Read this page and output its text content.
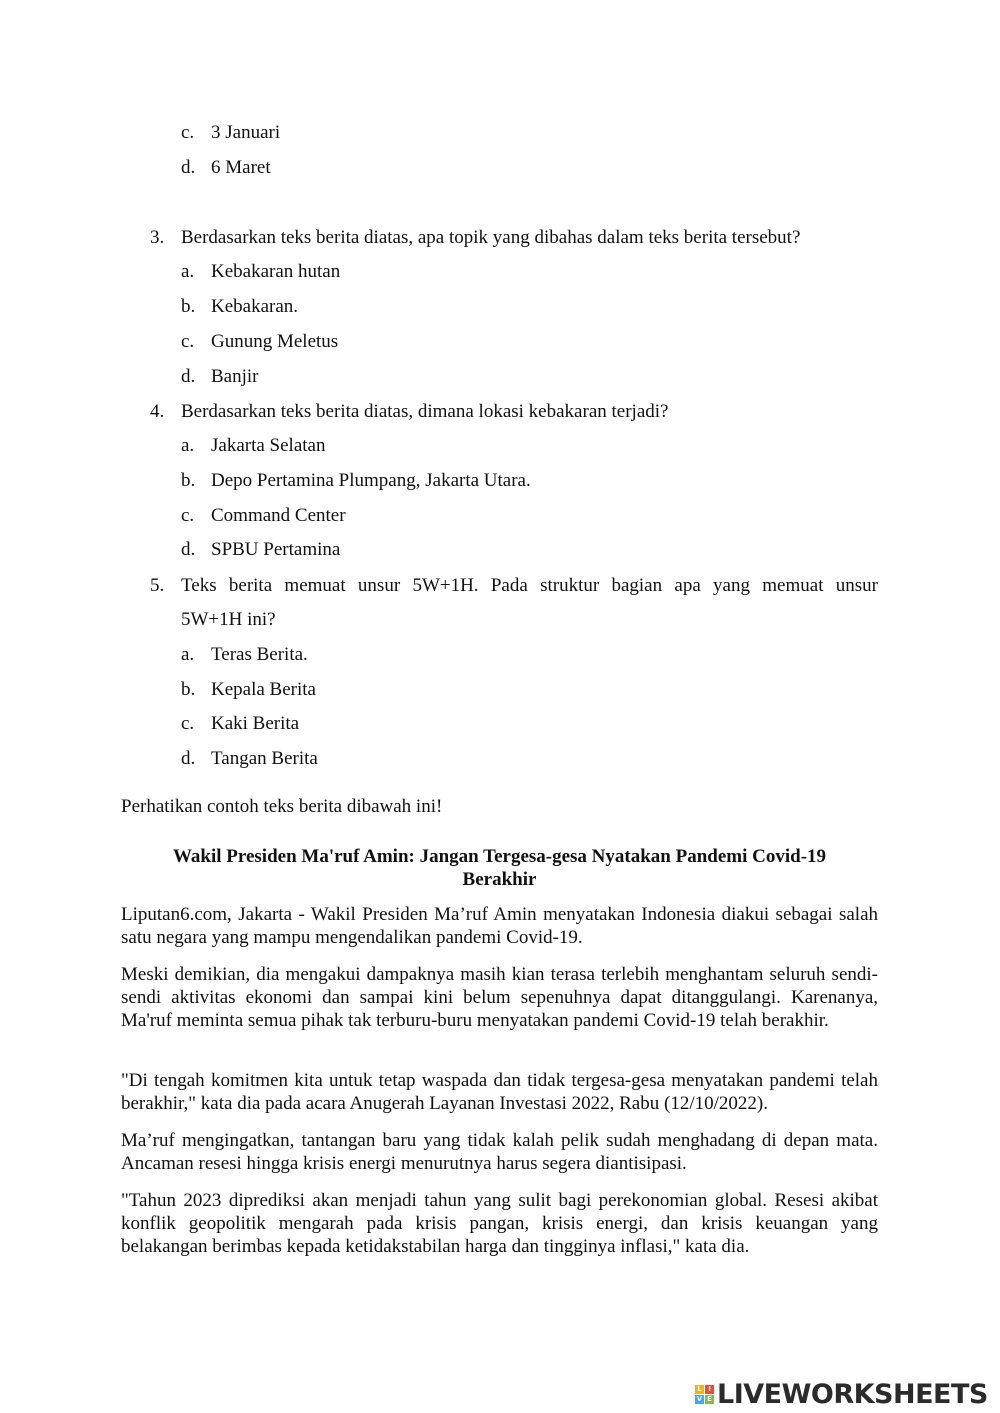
c. 3 Januari
d. 6 Maret
3. Berdasarkan teks berita diatas, apa topik yang dibahas dalam teks berita tersebut?
a. Kebakaran hutan
b. Kebakaran.
c. Gunung Meletus
d. Banjir
4. Berdasarkan teks berita diatas, dimana lokasi kebakaran terjadi?
a. Jakarta Selatan
b. Depo Pertamina Plumpang, Jakarta Utara.
c. Command Center
d. SPBU Pertamina
5. Teks berita memuat unsur 5W+1H. Pada struktur bagian apa yang memuat unsur
5W+1H ini?
a. Teras Berita.
b. Kepala Berita
c. Kaki Berita
d. Tangan Berita
Perhatikan contoh teks berita dibawah ini!
Wakil Presiden Ma'ruf Amin: Jangan Tergesa-gesa Nyatakan Pandemi Covid-19
Berakhir
Liputan6.com, Jakarta - Wakil Presiden Ma’ruf Amin menyatakan Indonesia diakui sebagai salah satu negara yang mampu mengendalikan pandemi Covid-19.
Meski demikian, dia mengakui dampaknya masih kian terasa terlebih menghantam seluruh sendi-sendi aktivitas ekonomi dan sampai kini belum sepenuhnya dapat ditanggulangi. Karenanya, Ma'ruf meminta semua pihak tak terburu-buru menyatakan pandemi Covid-19 telah berakhir.
"Di tengah komitmen kita untuk tetap waspada dan tidak tergesa-gesa menyatakan pandemi telah berakhir," kata dia pada acara Anugerah Layanan Investasi 2022, Rabu (12/10/2022).
Ma’ruf mengingatkan, tantangan baru yang tidak kalah pelik sudah menghadang di depan mata. Ancaman resesi hingga krisis energi menurutnya harus segera diantisipasi.
"Tahun 2023 diprediksi akan menjadi tahun yang sulit bagi perekonomian global. Resesi akibat konflik geopolitik mengarah pada krisis pangan, krisis energi, dan krisis keuangan yang belakangan berimbas kepada ketidakstabilan harga dan tingginya inflasi," kata dia.
L I
V E LIVEWORKSHEETS
